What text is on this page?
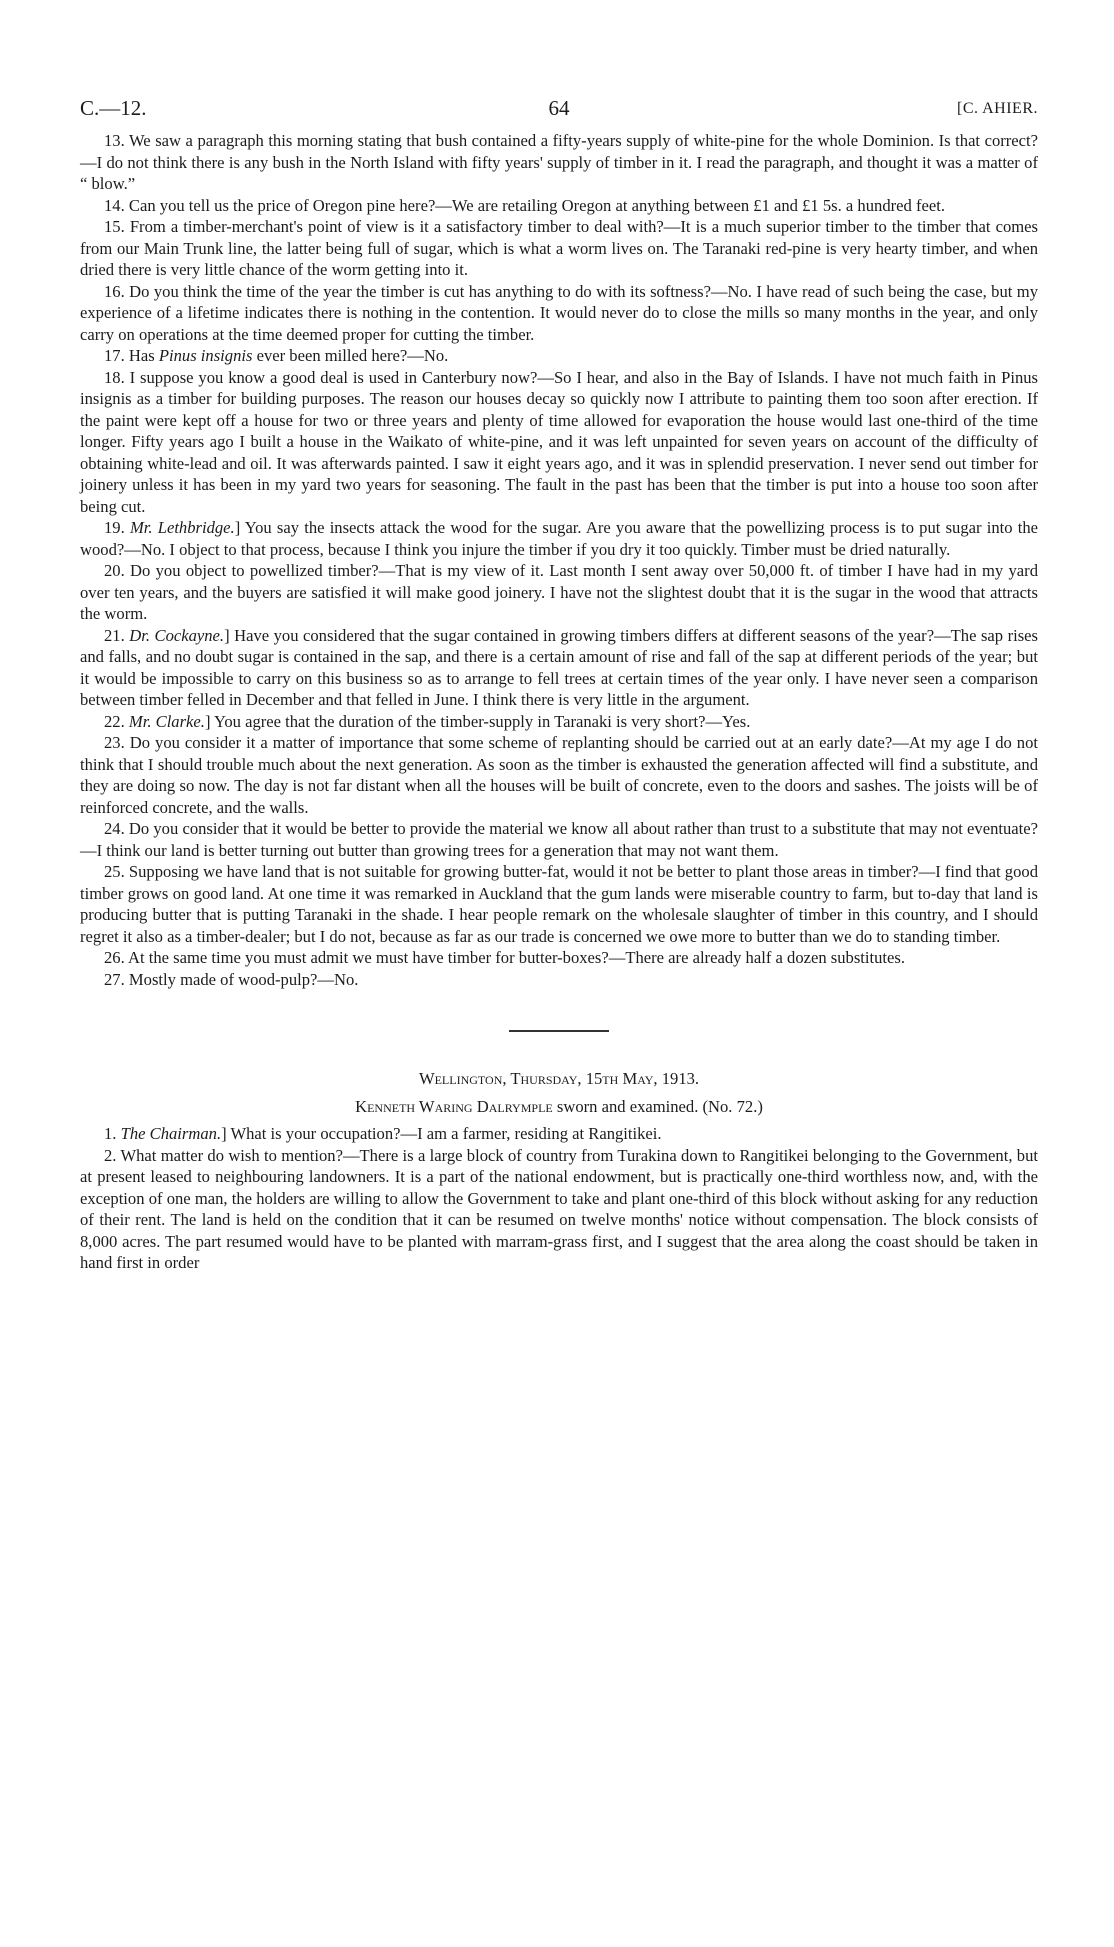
C.—12.	64	[C. AHIER.

13. We saw a paragraph this morning stating that bush contained a fifty-years supply of white-pine for the whole Dominion. Is that correct?—I do not think there is any bush in the North Island with fifty years' supply of timber in it. I read the paragraph, and thought it was a matter of “ blow.”

14. Can you tell us the price of Oregon pine here?—We are retailing Oregon at anything between £1 and £1 5s. a hundred feet.

15. From a timber-merchant's point of view is it a satisfactory timber to deal with?—It is a much superior timber to the timber that comes from our Main Trunk line, the latter being full of sugar, which is what a worm lives on. The Taranaki red-pine is very hearty timber, and when dried there is very little chance of the worm getting into it.

16. Do you think the time of the year the timber is cut has anything to do with its softness?—No. I have read of such being the case, but my experience of a lifetime indicates there is nothing in the contention. It would never do to close the mills so many months in the year, and only carry on operations at the time deemed proper for cutting the timber.

17. Has Pinus insignis ever been milled here?—No.

18. I suppose you know a good deal is used in Canterbury now?—So I hear, and also in the Bay of Islands. I have not much faith in Pinus insignis as a timber for building purposes. The reason our houses decay so quickly now I attribute to painting them too soon after erection. If the paint were kept off a house for two or three years and plenty of time allowed for evaporation the house would last one-third of the time longer. Fifty years ago I built a house in the Waikato of white-pine, and it was left unpainted for seven years on account of the difficulty of obtaining white-lead and oil. It was afterwards painted. I saw it eight years ago, and it was in splendid preservation. I never send out timber for joinery unless it has been in my yard two years for seasoning. The fault in the past has been that the timber is put into a house too soon after being cut.

19. Mr. Lethbridge.] You say the insects attack the wood for the sugar. Are you aware that the powellizing process is to put sugar into the wood?—No. I object to that process, because I think you injure the timber if you dry it too quickly. Timber must be dried naturally.

20. Do you object to powellized timber?—That is my view of it. Last month I sent away over 50,000 ft. of timber I have had in my yard over ten years, and the buyers are satisfied it will make good joinery. I have not the slightest doubt that it is the sugar in the wood that attracts the worm.

21. Dr. Cockayne.] Have you considered that the sugar contained in growing timbers differs at different seasons of the year?—The sap rises and falls, and no doubt sugar is contained in the sap, and there is a certain amount of rise and fall of the sap at different periods of the year; but it would be impossible to carry on this business so as to arrange to fell trees at certain times of the year only. I have never seen a comparison between timber felled in December and that felled in June. I think there is very little in the argument.

22. Mr. Clarke.] You agree that the duration of the timber-supply in Taranaki is very short?—Yes.

23. Do you consider it a matter of importance that some scheme of replanting should be carried out at an early date?—At my age I do not think that I should trouble much about the next generation. As soon as the timber is exhausted the generation affected will find a substitute, and they are doing so now. The day is not far distant when all the houses will be built of concrete, even to the doors and sashes. The joists will be of reinforced concrete, and the walls.

24. Do you consider that it would be better to provide the material we know all about rather than trust to a substitute that may not eventuate?—I think our land is better turning out butter than growing trees for a generation that may not want them.

25. Supposing we have land that is not suitable for growing butter-fat, would it not be better to plant those areas in timber?—I find that good timber grows on good land. At one time it was remarked in Auckland that the gum lands were miserable country to farm, but to-day that land is producing butter that is putting Taranaki in the shade. I hear people remark on the wholesale slaughter of timber in this country, and I should regret it also as a timber-dealer; but I do not, because as far as our trade is concerned we owe more to butter than we do to standing timber.

26. At the same time you must admit we must have timber for butter-boxes?—There are already half a dozen substitutes.

27. Mostly made of wood-pulp?—No.

Wellington, Thursday, 15th May, 1913.
Kenneth Waring Dalrymple sworn and examined. (No. 72.)

1. The Chairman.] What is your occupation?—I am a farmer, residing at Rangitikei.

2. What matter do wish to mention?—There is a large block of country from Turakina down to Rangitikei belonging to the Government, but at present leased to neighbouring landowners. It is a part of the national endowment, but is practically one-third worthless now, and, with the exception of one man, the holders are willing to allow the Government to take and plant one-third of this block without asking for any reduction of their rent. The land is held on the condition that it can be resumed on twelve months' notice without compensation. The block consists of 8,000 acres. The part resumed would have to be planted with marram-grass first, and I suggest that the area along the coast should be taken in hand first in order
